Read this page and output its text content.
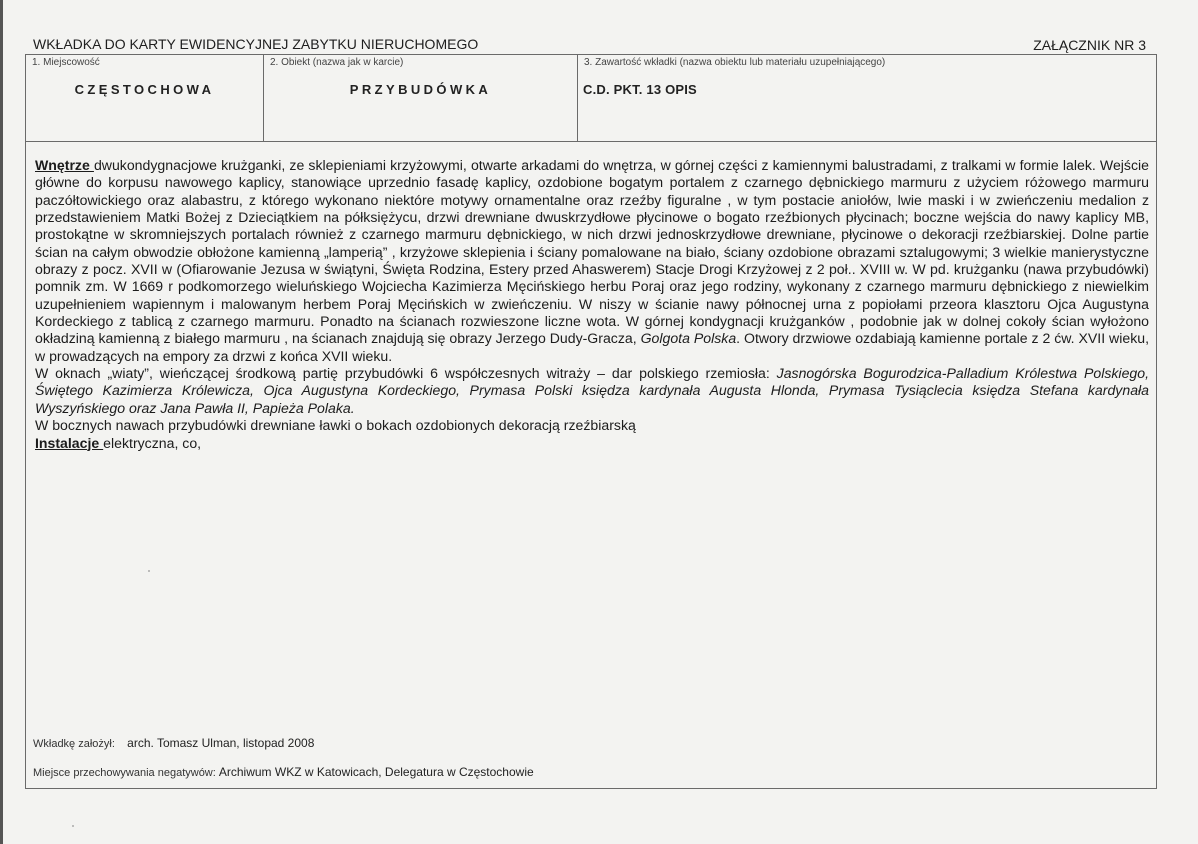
WKŁADKA DO KARTY EWIDENCYJNEJ ZABYTKU NIERUCHOMEGO	ZAŁĄCZNIK NR 3
1. Miejscowość
CZĘSTOCHOWA
2. Obiekt (nazwa jak w karcie)
PRZYBUDÓWKA
3. Zawartość wkładki (nazwa obiektu lub materiału uzupełniającego)
C.D. PKT. 13 OPIS

Wnętrze dwukondygnacjowe krużganki, ze sklepieniami krzyżowymi, otwarte arkadami do wnętrza, w górnej części z kamiennymi balustradami, z tralkami w formie lalek. Wejście główne do korpusu nawowego kaplicy, stanowiące uprzednio fasadę kaplicy, ozdobione bogatym portalem z czarnego dębnickiego marmuru z użyciem różowego marmuru paczółtowickiego oraz alabastru, z którego wykonano niektóre motywy ornamentalne oraz rzeźby figuralne , w tym postacie aniołów, lwie maski i w zwieńczeniu medalion z przedstawieniem Matki Bożej z Dzieciątkiem na półksiężycu, drzwi drewniane dwuskrzydłowe płycinowe o bogato rzeźbionych płycinach; boczne wejścia do nawy kaplicy MB, prostokątne w skromniejszych portalach również z czarnego marmuru dębnickiego, w nich drzwi jednoskrzydłowe drewniane, płycinowe o dekoracji rzeźbiarskiej. Dolne partie ścian na całym obwodzie obłożone kamienną „lamperią” , krzyżowe sklepienia i ściany pomalowane na biało, ściany ozdobione obrazami sztalugowymi; 3 wielkie manierystyczne obrazy z pocz. XVII w (Ofiarowanie Jezusa w świątyni, Święta Rodzina, Estery przed Ahaswerem) Stacje Drogi Krzyżowej z 2 poł.. XVIII w. W pd. krużganku (nawa przybudówki) pomnik zm. W 1669 r podkomorzego wieluńskiego Wojciecha Kazimierza Męcińskiego herbu Poraj oraz jego rodziny, wykonany z czarnego marmuru dębnickiego z niewielkim uzupełnieniem wapiennym i malowanym herbem Poraj Męcińskich w zwieńczeniu. W niszy w ścianie nawy północnej urna z popiołami przeora klasztoru Ojca Augustyna Kordeckiego z tablicą z czarnego marmuru. Ponadto na ścianach rozwieszone liczne wota. W górnej kondygnacji krużganków , podobnie jak w dolnej cokoły ścian wyłożono okładziną kamienną z białego marmuru , na ścianach znajdują się obrazy Jerzego Dudy-Gracza, Golgota Polska. Otwory drzwiowe ozdabiają kamienne portale z 2 ćw. XVII wieku, w prowadzących na empory za drzwi z końca XVII wieku.

W oknach „wiaty”, wieńczącej środkową partię przybudówki 6 współczesnych witraży – dar polskiego rzemiosła: Jasnogórska Bogurodzica-Palladium Królestwa Polskiego, Świętego Kazimierza Królewicza, Ojca Augustyna Kordeckiego, Prymasa Polski księdza kardynała Augusta Hlonda, Prymasa Tysiąclecia księdza Stefana kardynała Wyszyńskiego oraz Jana Pawła II, Papieża Polaka.

W bocznych nawach przybudówki drewniane ławki o bokach ozdobionych dekoracją rzeźbiarską

Instalacje elektryczna, co,

Wkładkę założył: arch. Tomasz Ulman, listopad 2008
Miejsce przechowywania negatywów: Archiwum WKZ w Katowicach, Delegatura w Częstochowie
